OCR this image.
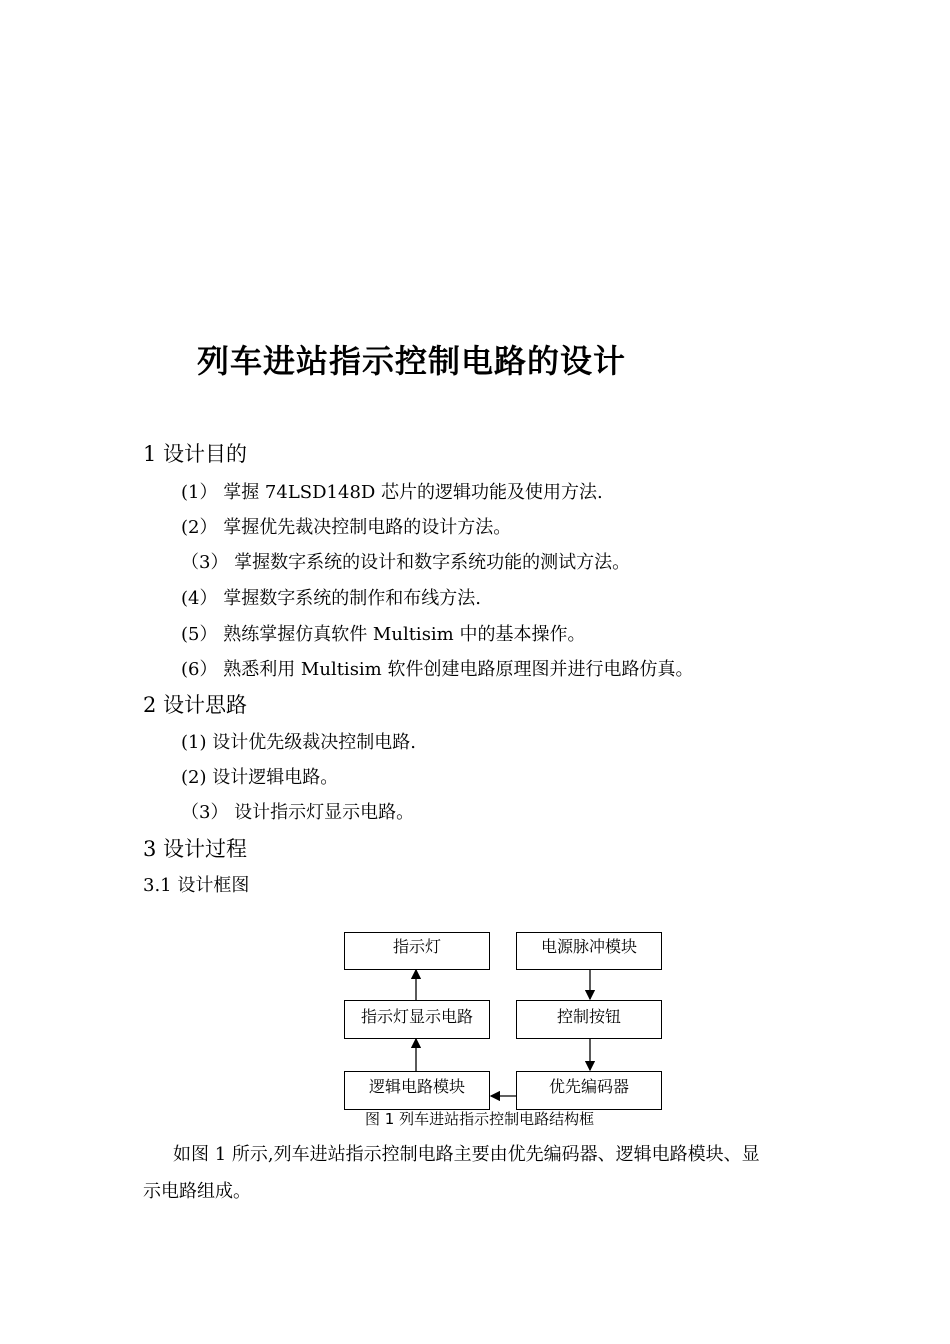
列车进站指示控制电路的设计
1 设计目的
(1） 掌握 74LSD148D 芯片的逻辑功能及使用方法.
(2） 掌握优先裁决控制电路的设计方法。
（3） 掌握数字系统的设计和数字系统功能的测试方法。
(4） 掌握数字系统的制作和布线方法.
(5） 熟练掌握仿真软件 Multisim 中的基本操作。
(6） 熟悉利用 Multisim 软件创建电路原理图并进行电路仿真。
2 设计思路
(1) 设计优先级裁决控制电路.
(2) 设计逻辑电路。
（3） 设计指示灯显示电路。
3 设计过程
3.1 设计框图
指示灯	电源脉冲模块
指示灯显示电路	控制按钮
逻辑电路模块	优先编码器
图 1 列车进站指示控制电路结构框
如图 1 所示,列车进站指示控制电路主要由优先编码器、逻辑电路模块、显
示电路组成。
